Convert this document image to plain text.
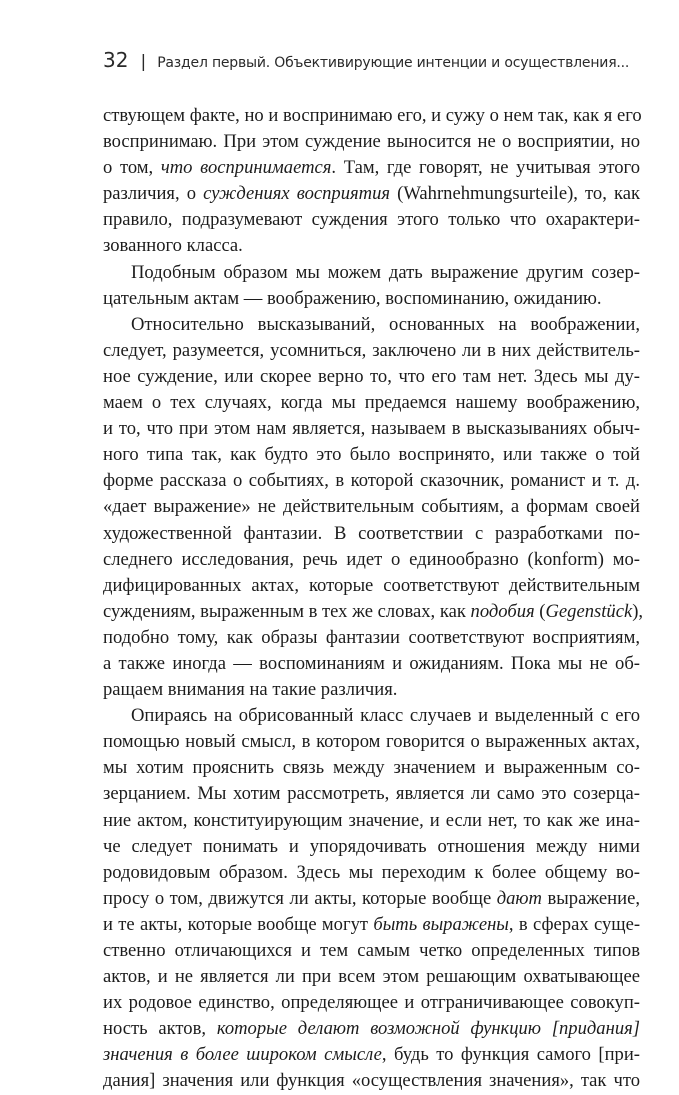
32 | Раздел первый. Объективирующие интенции и осуществления...
ствующем факте, но и воспринимаю его, и сужу о нем так, как я его
воспринимаю. При этом суждение выносится не о восприятии, но
о том, что воспринимается. Там, где говорят, не учитывая этого
различия, о суждениях восприятия (Wahrnehmungsurteile), то, как
правило, подразумевают суждения этого только что охарактери-
зованного класса.
Подобным образом мы можем дать выражение другим созер-
цательным актам — воображению, воспоминанию, ожиданию.
Относительно высказываний, основанных на воображении,
следует, разумеется, усомниться, заключено ли в них действитель-
ное суждение, или скорее верно то, что его там нет. Здесь мы ду-
маем о тех случаях, когда мы предаемся нашему воображению,
и то, что при этом нам является, называем в высказываниях обыч-
ного типа так, как будто это было воспринято, или также о той
форме рассказа о событиях, в которой сказочник, романист и т. д.
«дает выражение» не действительным событиям, а формам своей
художественной фантазии. В соответствии с разработками по-
следнего исследования, речь идет о единообразно (konform) мо-
дифицированных актах, которые соответствуют действительным
суждениям, выраженным в тех же словах, как подобия (Gegenstück),
подобно тому, как образы фантазии соответствуют восприятиям,
а также иногда — воспоминаниям и ожиданиям. Пока мы не об-
ращаем внимания на такие различия.
Опираясь на обрисованный класс случаев и выделенный с его
помощью новый смысл, в котором говорится о выраженных актах,
мы хотим прояснить связь между значением и выраженным со-
зерцанием. Мы хотим рассмотреть, является ли само это созерца-
ние актом, конституирующим значение, и если нет, то как же ина-
че следует понимать и упорядочивать отношения между ними
родовидовым образом. Здесь мы переходим к более общему во-
просу о том, движутся ли акты, которые вообще дают выражение,
и те акты, которые вообще могут быть выражены, в сферах суще-
ственно отличающихся и тем самым четко определенных типов
актов, и не является ли при всем этом решающим охватывающее
их родовое единство, определяющее и отграничивающее совокуп-
ность актов, которые делают возможной функцию [придания]
значения в более широком смысле, будь то функция самого [при-
дания] значения или функция «осуществления значения», так что
